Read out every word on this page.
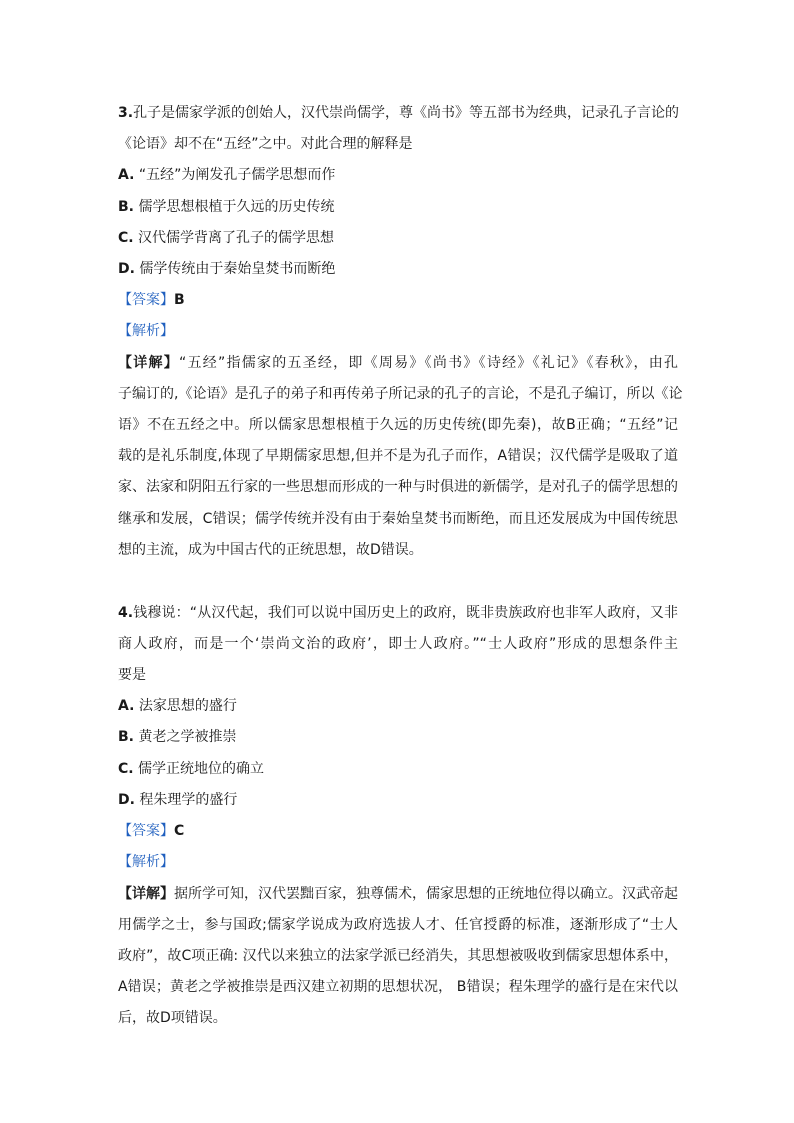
3.孔子是儒家学派的创始人，汉代崇尚儒学，尊《尚书》等五部书为经典，记录孔子言论的
《论语》却不在“五经”之中。对此合理的解释是
A. “五经”为阐发孔子儒学思想而作
B. 儒学思想根植于久远的历史传统
C. 汉代儒学背离了孔子的儒学思想
D. 儒学传统由于秦始皇焚书而断绝
【答案】B
【解析】
【详解】“五经”指儒家的五圣经，即《周易》《尚书》《诗经》《礼记》《春秋》，由孔
子编订的,《论语》是孔子的弟子和再传弟子所记录的孔子的言论，不是孔子编订，所以《论
语》不在五经之中。所以儒家思想根植于久远的历史传统(即先秦)，故B正确；“五经”记
载的是礼乐制度,体现了早期儒家思想,但并不是为孔子而作，A错误；汉代儒学是吸取了道
家、法家和阴阳五行家的一些思想而形成的一种与时俱进的新儒学，是对孔子的儒学思想的
继承和发展，C错误；儒学传统并没有由于秦始皇焚书而断绝，而且还发展成为中国传统思
想的主流，成为中国古代的正统思想，故D错误。
4.钱穆说：“从汉代起，我们可以说中国历史上的政府，既非贵族政府也非军人政府，又非
商人政府，而是一个‘崇尚文治的政府’，即士人政府。”“士人政府”形成的思想条件主
要是
A. 法家思想的盛行
B. 黄老之学被推崇
C. 儒学正统地位的确立
D. 程朱理学的盛行
【答案】C
【解析】
【详解】据所学可知，汉代罢黜百家，独尊儒术，儒家思想的正统地位得以确立。汉武帝起
用儒学之士，参与国政;儒家学说成为政府选拔人才、任官授爵的标准，逐渐形成了“士人
政府”，故C项正确: 汉代以来独立的法家学派已经消失，其思想被吸收到儒家思想体系中，
A错误；黄老之学被推崇是西汉建立初期的思想状况， B错误；程朱理学的盛行是在宋代以
后，故D项错误。
